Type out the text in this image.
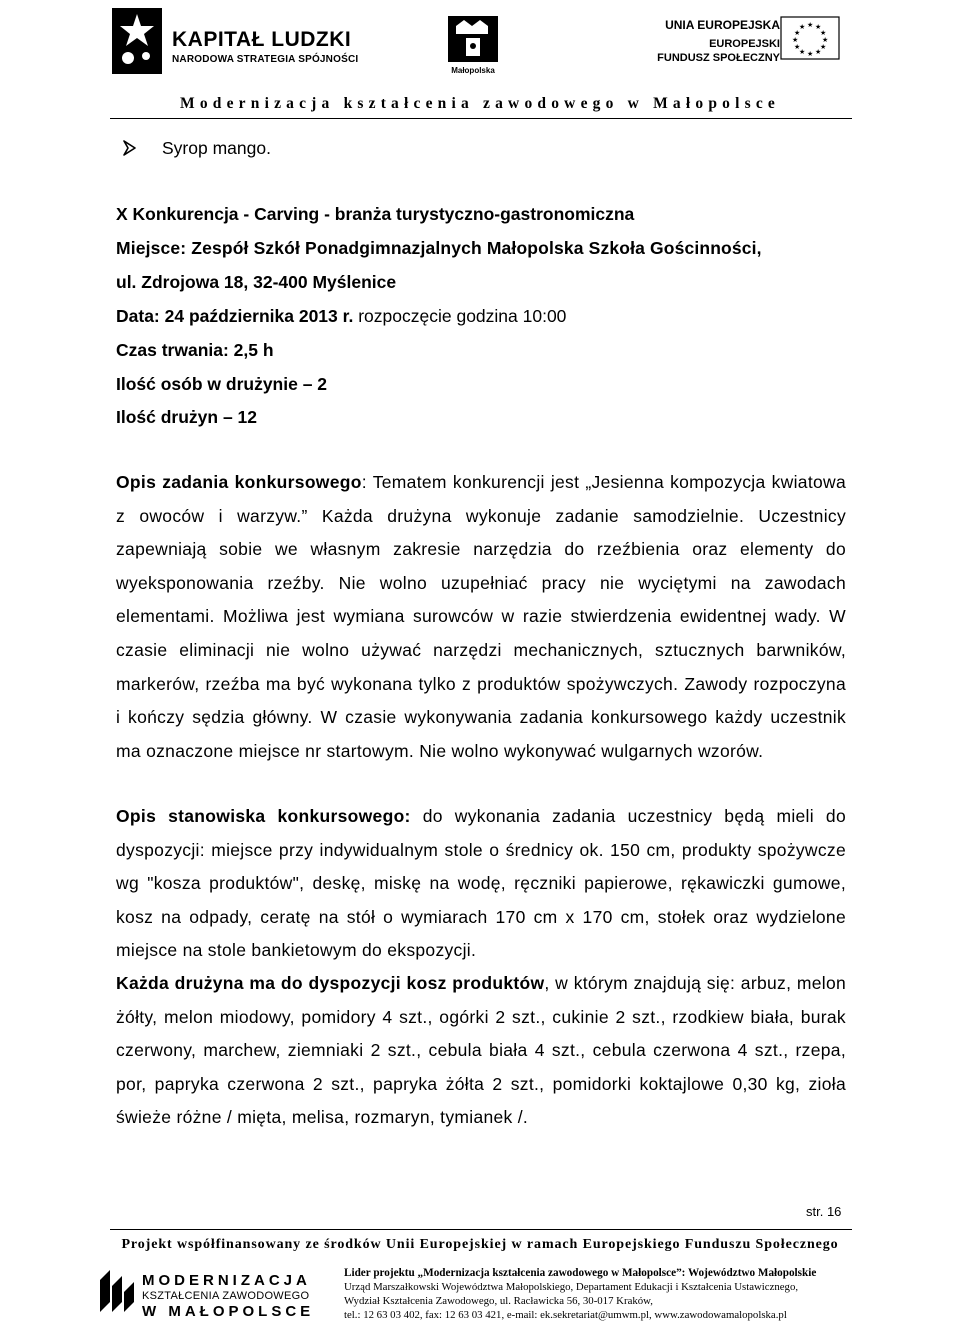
KAPITAŁ LUDZKI
NARODOWA STRATEGIA SPÓJNOŚCI
Małopolska
UNIA EUROPEJSKA
EUROPEJSKI
FUNDUSZ SPOŁECZNY
★ ★
★
★
★
★
★
★
★
★
★
★
Modernizacja kształcenia zawodowego w Małopolsce
Syrop mango.
X Konkurencja - Carving - branża turystyczno-gastronomiczna
Miejsce: Zespół Szkół Ponadgimnazjalnych Małopolska Szkoła Gościnności,
ul. Zdrojowa 18, 32-400 Myślenice
Data: 24 października 2013 r. rozpoczęcie godzina 10:00
Czas trwania: 2,5 h
Ilość osób w drużynie – 2
Ilość drużyn – 12

Opis zadania konkursowego: Tematem konkurencji jest „Jesienna kompozycja kwiatowa z owoców i warzyw.” Każda drużyna wykonuje zadanie samodzielnie. Uczestnicy zapewniają sobie we własnym zakresie narzędzia do rzeźbienia oraz elementy do wyeksponowania rzeźby. Nie wolno uzupełniać pracy nie wyciętymi na zawodach elementami. Możliwa jest wymiana surowców w razie stwierdzenia ewidentnej wady. W czasie eliminacji nie wolno używać narzędzi mechanicznych, sztucznych barwników, markerów, rzeźba ma być wykonana tylko z produktów spożywczych. Zawody rozpoczyna i kończy sędzia główny. W czasie wykonywania zadania konkursowego każdy uczestnik ma oznaczone miejsce nr startowym. Nie wolno wykonywać wulgarnych wzorów.

Opis stanowiska konkursowego: do wykonania zadania uczestnicy będą mieli do dyspozycji: miejsce przy indywidualnym stole o średnicy ok. 150 cm, produkty spożywcze wg "kosza produktów", deskę, miskę na wodę, ręczniki papierowe, rękawiczki gumowe, kosz na odpady, ceratę na stół o wymiarach 170 cm x 170 cm, stołek oraz wydzielone miejsce na stole bankietowym do ekspozycji.

Każda drużyna ma do dyspozycji kosz produktów, w którym znajdują się: arbuz, melon żółty, melon miodowy, pomidory 4 szt., ogórki 2 szt., cukinie 2 szt., rzodkiew biała, burak czerwony, marchew, ziemniaki 2 szt., cebula biała 4 szt., cebula czerwona 4 szt., rzepa, por, papryka czerwona 2 szt., papryka żółta 2 szt., pomidorki koktajlowe 0,30 kg, zioła świeże różne / mięta, melisa, rozmaryn, tymianek /.

str. 16
Projekt współfinansowany ze środków Unii Europejskiej w ramach Europejskiego Funduszu Społecznego
MODERNIZACJA
KSZTAŁCENIA ZAWODOWEGO
W MAŁOPOLSCE
Lider projektu „Modernizacja kształcenia zawodowego w Małopolsce”: Województwo Małopolskie
Urząd Marszałkowski Województwa Małopolskiego, Departament Edukacji i Kształcenia Ustawicznego,
Wydział Kształcenia Zawodowego, ul. Racławicka 56, 30-017 Kraków,
tel.: 12 63 03 402, fax: 12 63 03 421, e-mail: ek.sekretariat@umwm.pl, www.zawodowamalopolska.pl
